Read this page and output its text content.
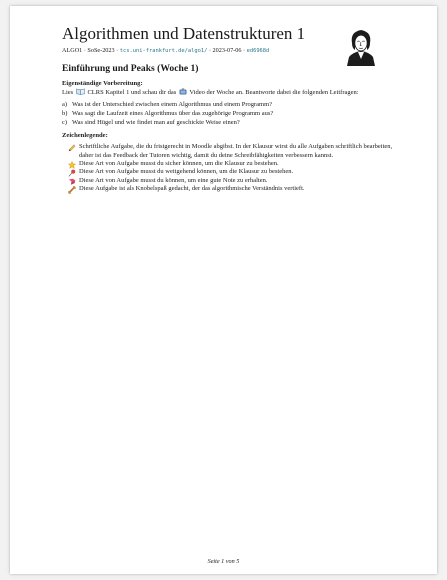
Algorithmen und Datenstrukturen 1
ALGO1 · SoSe-2023 · tcs.uni-frankfurt.de/algo1/ · 2023-07-06 · ed6968d
Einführung und Peaks (Woche 1)
Eigenständige Vorbereitung:
Lies  CLRS Kapitel 1 und schau dir das  Video der Woche an. Beantworte dabei die folgenden Leitfragen:
a) Was ist der Unterschied zwischen einem Algorithmus und einem Programm?
b) Was sagt die Laufzeit eines Algorithmus über das zugehörige Programm aus?
c) Was sind Hügel und wie findet man auf geschickte Weise einen?
Zeichenlegende:
Schriftliche Aufgabe, die du fristgerecht in Moodle abgibst. In der Klausur wirst du alle Aufgaben schriftlich bearbeiten, daher ist das Feedback der Tutoren wichtig, damit du deine Schreibfähigkeiten verbessern kannst.
Diese Art von Aufgabe musst du sicher können, um die Klausur zu bestehen.
Diese Art von Aufgabe musst du weitgehend können, um die Klausur zu bestehen.
Diese Art von Aufgabe musst du können, um eine gute Note zu erhalten.
Diese Aufgabe ist als Knobelspaß gedacht, der das algorithmische Verständnis vertieft.
Seite 1 von 5
